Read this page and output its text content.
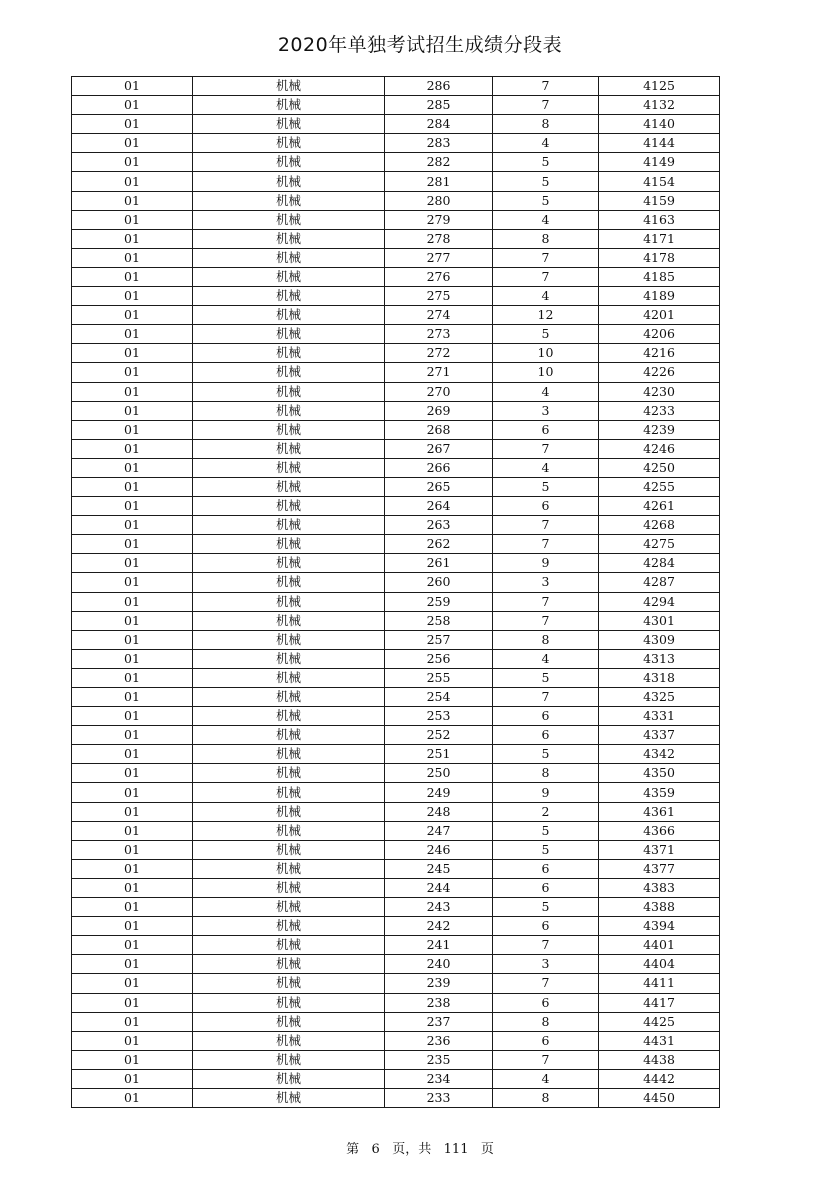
2020年单独考试招生成绩分段表
01	机械	286	7	4125
01	机械	285	7	4132
01	机械	284	8	4140
01	机械	283	4	4144
01	机械	282	5	4149
01	机械	281	5	4154
01	机械	280	5	4159
01	机械	279	4	4163
01	机械	278	8	4171
01	机械	277	7	4178
01	机械	276	7	4185
01	机械	275	4	4189
01	机械	274	12	4201
01	机械	273	5	4206
01	机械	272	10	4216
01	机械	271	10	4226
01	机械	270	4	4230
01	机械	269	3	4233
01	机械	268	6	4239
01	机械	267	7	4246
01	机械	266	4	4250
01	机械	265	5	4255
01	机械	264	6	4261
01	机械	263	7	4268
01	机械	262	7	4275
01	机械	261	9	4284
01	机械	260	3	4287
01	机械	259	7	4294
01	机械	258	7	4301
01	机械	257	8	4309
01	机械	256	4	4313
01	机械	255	5	4318
01	机械	254	7	4325
01	机械	253	6	4331
01	机械	252	6	4337
01	机械	251	5	4342
01	机械	250	8	4350
01	机械	249	9	4359
01	机械	248	2	4361
01	机械	247	5	4366
01	机械	246	5	4371
01	机械	245	6	4377
01	机械	244	6	4383
01	机械	243	5	4388
01	机械	242	6	4394
01	机械	241	7	4401
01	机械	240	3	4404
01	机械	239	7	4411
01	机械	238	6	4417
01	机械	237	8	4425
01	机械	236	6	4431
01	机械	235	7	4438
01	机械	234	4	4442
01	机械	233	8	4450
第 6 页，共 111 页
